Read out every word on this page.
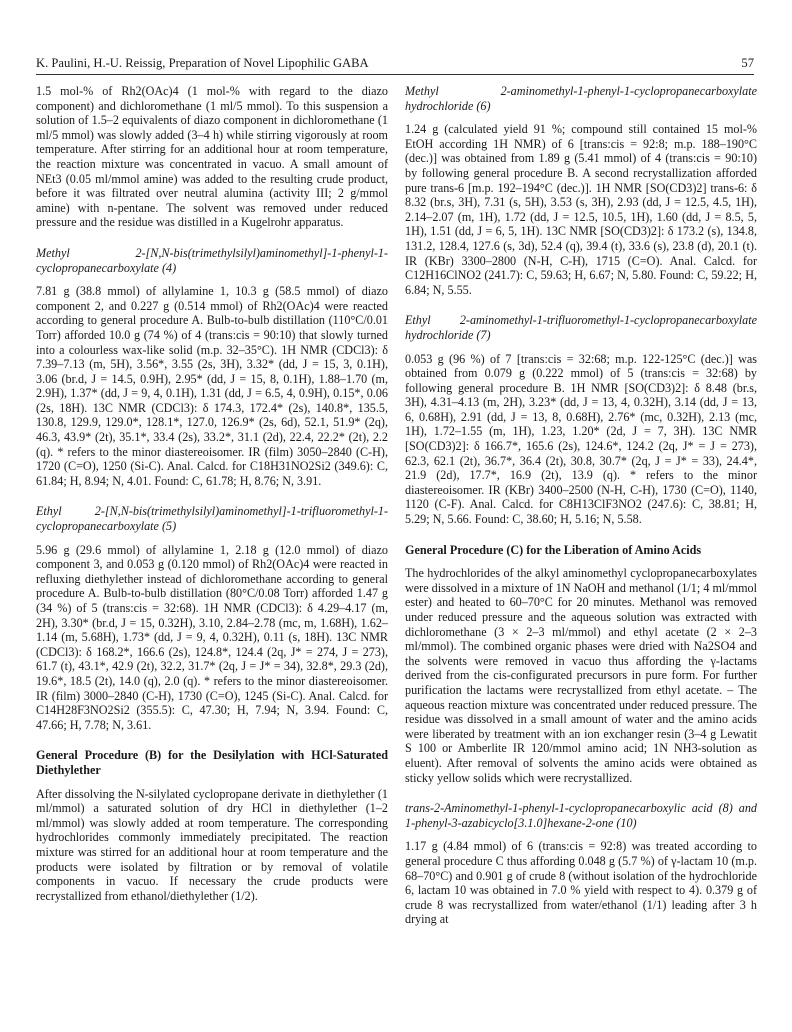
K. Paulini, H.-U. Reissig, Preparation of Novel Lipophilic GABA	57

1.5 mol-% of Rh2(OAc)4 (1 mol-% with regard to the diazo component) and dichloromethane (1 ml/5 mmol). To this suspension a solution of 1.5–2 equivalents of diazo component in dichloromethane (1 ml/5 mmol) was slowly added (3–4 h) while stirring vigorously at room temperature. After stirring for an additional hour at room temperature, the reaction mixture was concentrated in vacuo. A small amount of NEt3 (0.05 ml/mmol amine) was added to the resulting crude product, before it was filtrated over neutral alumina (activity III; 2 g/mmol amine) with n-pentane. The solvent was removed under reduced pressure and the residue was distilled in a Kugelrohr apparatus.

Methyl 2-[N,N-bis(trimethylsilyl)aminomethyl]-1-phenyl-1-cyclopropanecarboxylate (4)

7.81 g (38.8 mmol) of allylamine 1, 10.3 g (58.5 mmol) of diazo component 2, and 0.227 g (0.514 mmol) of Rh2(OAc)4 were reacted according to general procedure A. Bulb-to-bulb distillation (110°C/0.01 Torr) afforded 10.0 g (74 %) of 4 (trans:cis = 90:10) that slowly turned into a colourless wax-like solid (m.p. 32–35°C). 1H NMR (CDCl3): δ 7.39–7.13 (m, 5H), 3.56*, 3.55 (2s, 3H), 3.32* (dd, J = 15, 3, 0.1H), 3.06 (br.d, J = 14.5, 0.9H), 2.95* (dd, J = 15, 8, 0.1H), 1.88–1.70 (m, 2.9H), 1.37* (dd, J = 9, 4, 0.1H), 1.31 (dd, J = 6.5, 4, 0.9H), 0.15*, 0.06 (2s, 18H). 13C NMR (CDCl3): δ 174.3, 172.4* (2s), 140.8*, 135.5, 130.8, 129.9, 129.0*, 128.1*, 127.0, 126.9* (2s, 6d), 52.1, 51.9* (2q), 46.3, 43.9* (2t), 35.1*, 33.4 (2s), 33.2*, 31.1 (2d), 22.4, 22.2* (2t), 2.2 (q). * refers to the minor diastereoisomer. IR (film) 3050–2840 (C-H), 1720 (C=O), 1250 (Si-C). Anal. Calcd. for C18H31NO2Si2 (349.6): C, 61.84; H, 8.94; N, 4.01. Found: C, 61.78; H, 8.76; N, 3.91.

Ethyl 2-[N,N-bis(trimethylsilyl)aminomethyl]-1-trifluoromethyl-1-cyclopropanecarboxylate (5)

5.96 g (29.6 mmol) of allylamine 1, 2.18 g (12.0 mmol) of diazo component 3, and 0.053 g (0.120 mmol) of Rh2(OAc)4 were reacted in refluxing diethylether instead of dichloromethane according to general procedure A. Bulb-to-bulb distillation (80°C/0.08 Torr) afforded 1.47 g (34 %) of 5 (trans:cis = 32:68). 1H NMR (CDCl3): δ 4.29–4.17 (m, 2H), 3.30* (br.d, J = 15, 0.32H), 3.10, 2.84–2.78 (mc, m, 1.68H), 1.62–1.14 (m, 5.68H), 1.73* (dd, J = 9, 4, 0.32H), 0.11 (s, 18H). 13C NMR (CDCl3): δ 168.2*, 166.6 (2s), 124.8*, 124.4 (2q, J* = 274, J = 273), 61.7 (t), 43.1*, 42.9 (2t), 32.2, 31.7* (2q, J = J* = 34), 32.8*, 29.3 (2d), 19.6*, 18.5 (2t), 14.0 (q), 2.0 (q). * refers to the minor diastereoisomer. IR (film) 3000–2840 (C-H), 1730 (C=O), 1245 (Si-C). Anal. Calcd. for C14H28F3NO2Si2 (355.5): C, 47.30; H, 7.94; N, 3.94. Found: C, 47.66; H, 7.78; N, 3.61.

General Procedure (B) for the Desilylation with HCl-Saturated Diethylether

After dissolving the N-silylated cyclopropane derivate in diethylether (1 ml/mmol) a saturated solution of dry HCl in diethylether (1–2 ml/mmol) was slowly added at room temperature. The corresponding hydrochlorides commonly immediately precipitated. The reaction mixture was stirred for an additional hour at room temperature and the products were isolated by filtration or by removal of volatile components in vacuo. If necessary the crude products were recrystallized from ethanol/diethylether (1/2).

Methyl 2-aminomethyl-1-phenyl-1-cyclopropanecarboxylate hydrochloride (6)

1.24 g (calculated yield 91 %; compound still contained 15 mol-% EtOH according 1H NMR) of 6 [trans:cis = 92:8; m.p. 188–190°C (dec.)] was obtained from 1.89 g (5.41 mmol) of 4 (trans:cis = 90:10) by following general procedure B. A second recrystallization afforded pure trans-6 [m.p. 192–194°C (dec.)]. 1H NMR [SO(CD3)2] trans-6: δ 8.32 (br.s, 3H), 7.31 (s, 5H), 3.53 (s, 3H), 2.93 (dd, J = 12.5, 4.5, 1H), 2.14–2.07 (m, 1H), 1.72 (dd, J = 12.5, 10.5, 1H), 1.60 (dd, J = 8.5, 5, 1H), 1.51 (dd, J = 6, 5, 1H). 13C NMR [SO(CD3)2]: δ 173.2 (s), 134.8, 131.2, 128.4, 127.6 (s, 3d), 52.4 (q), 39.4 (t), 33.6 (s), 23.8 (d), 20.1 (t). IR (KBr) 3300–2800 (N-H, C-H), 1715 (C=O). Anal. Calcd. for C12H16ClNO2 (241.7): C, 59.63; H, 6.67; N, 5.80. Found: C, 59.22; H, 6.84; N, 5.55.

Ethyl 2-aminomethyl-1-trifluoromethyl-1-cyclopropanecarboxylate hydrochloride (7)

0.053 g (96 %) of 7 [trans:cis = 32:68; m.p. 122-125°C (dec.)] was obtained from 0.079 g (0.222 mmol) of 5 (trans:cis = 32:68) by following general procedure B. 1H NMR [SO(CD3)2]: δ 8.48 (br.s, 3H), 4.31–4.13 (m, 2H), 3.23* (dd, J = 13, 4, 0.32H), 3.14 (dd, J = 13, 6, 0.68H), 2.91 (dd, J = 13, 8, 0.68H), 2.76* (mc, 0.32H), 2.13 (mc, 1H), 1.72–1.55 (m, 1H), 1.23, 1.20* (2d, J = 7, 3H). 13C NMR [SO(CD3)2]: δ 166.7*, 165.6 (2s), 124.6*, 124.2 (2q, J* = J = 273), 62.3, 62.1 (2t), 36.7*, 36.4 (2t), 30.8, 30.7* (2q, J = J* = 33), 24.4*, 21.9 (2d), 17.7*, 16.9 (2t), 13.9 (q). * refers to the minor diastereoisomer. IR (KBr) 3400–2500 (N-H, C-H), 1730 (C=O), 1140, 1120 (C-F). Anal. Calcd. for C8H13ClF3NO2 (247.6): C, 38.81; H, 5.29; N, 5.66. Found: C, 38.60; H, 5.16; N, 5.58.

General Procedure (C) for the Liberation of Amino Acids

The hydrochlorides of the alkyl aminomethyl cyclopropanecarboxylates were dissolved in a mixture of 1N NaOH and methanol (1/1; 4 ml/mmol ester) and heated to 60–70°C for 20 minutes. Methanol was removed under reduced pressure and the aqueous solution was extracted with dichloromethane (3 × 2–3 ml/mmol) and ethyl acetate (2 × 2–3 ml/mmol). The combined organic phases were dried with Na2SO4 and the solvents were removed in vacuo thus affording the γ-lactams derived from the cis-configurated precursors in pure form. For further purification the lactams were recrystallized from ethyl acetate. – The aqueous reaction mixture was concentrated under reduced pressure. The residue was dissolved in a small amount of water and the amino acids were liberated by treatment with an ion exchanger resin (3–4 g Lewatit S 100 or Amberlite IR 120/mmol amino acid; 1N NH3-solution as eluent). After removal of solvents the amino acids were obtained as sticky yellow solids which were recrystallized.

trans-2-Aminomethyl-1-phenyl-1-cyclopropanecarboxylic acid (8) and 1-phenyl-3-azabicyclo[3.1.0]hexane-2-one (10)

1.17 g (4.84 mmol) of 6 (trans:cis = 92:8) was treated according to general procedure C thus affording 0.048 g (5.7 %) of γ-lactam 10 (m.p. 68–70°C) and 0.901 g of crude 8 (without isolation of the hydrochloride 6, lactam 10 was obtained in 7.0 % yield with respect to 4). 0.379 g of crude 8 was recrystallized from water/ethanol (1/1) leading after 3 h drying at
